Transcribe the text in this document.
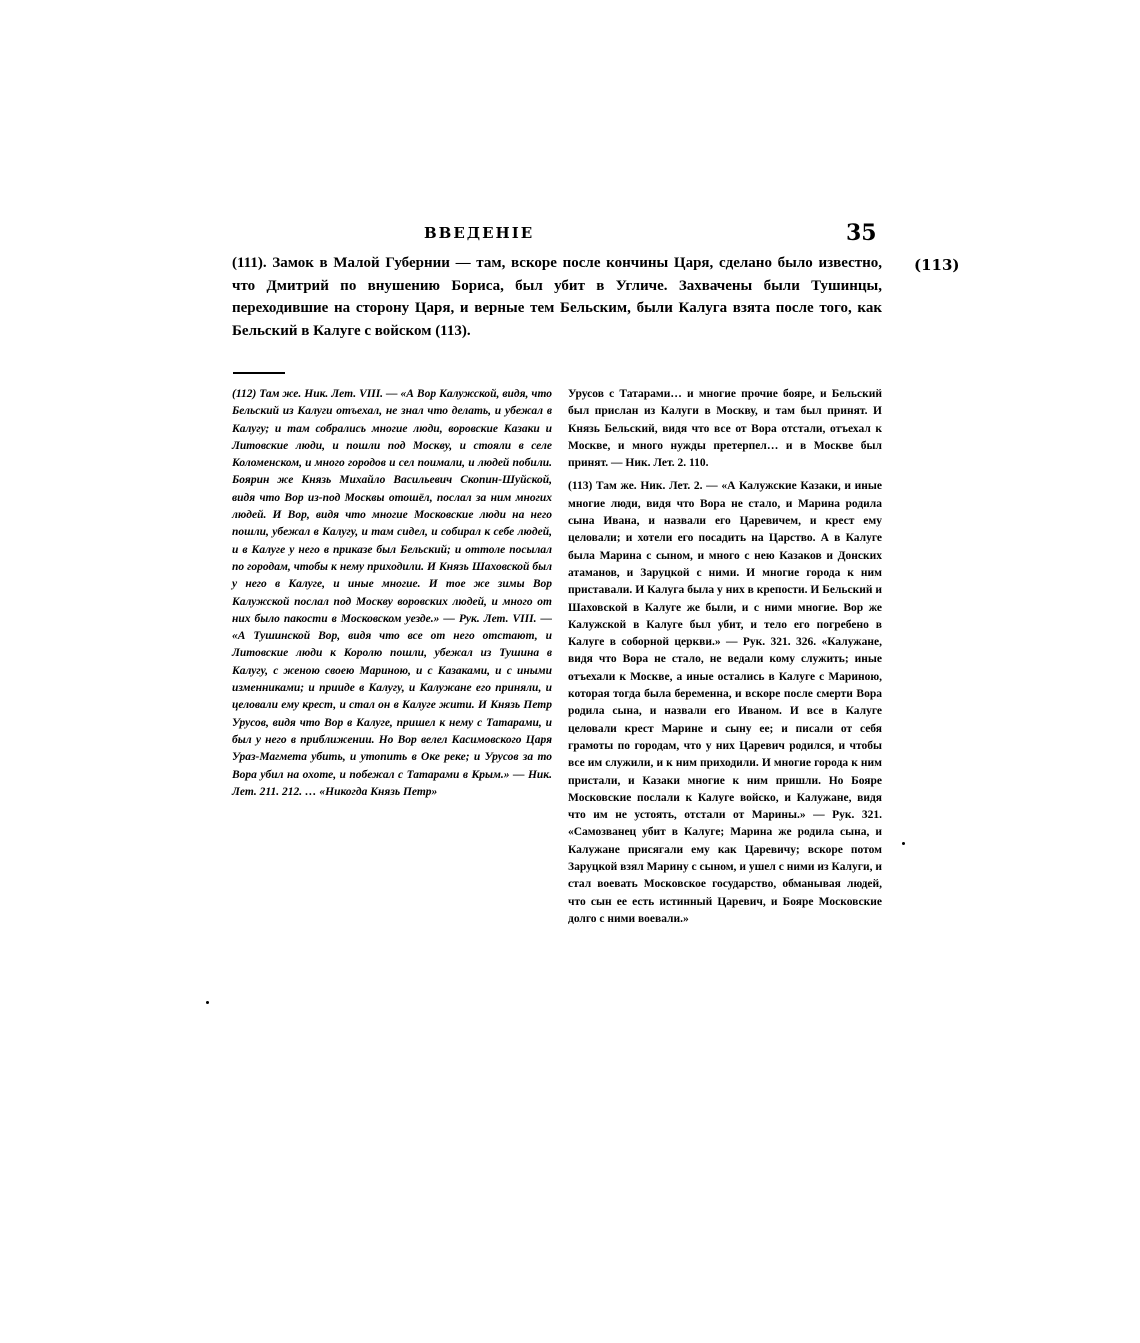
ВВЕДЕНІЕ	35
(111). Замок в Малой Губернии — там, вскоре после кончины Царя, сделано было известно, что Дмитрий по внушению Бориса, был убит в Угличе. Захвачены были Тушинцы, переходившие на сторону Царя, и верные тем Бельским, были Калуга взята после того, как Бельский в Калуге с войском (113).
(113)

(112) Там же. Ник. Лет. VIII. — «А Вор Калужской, видя, что Бельский из Калуги отъехал, не знал что делать, и убежал в Калугу; и там собрались многие люди, воровские Казаки и Литовские люди, и пошли под Москву, и стояли в селе Коломенском, и много городов и сел поимали, и людей побили. Боярин же Князь Михайло Васильевич Скопин-Шуйской, видя что Вор из-под Москвы отошёл, послал за ним многих людей. И Вор, видя что многие Московские люди на него пошли, убежал в Калугу, и там сидел, и собирал к себе людей, и в Калуге у него в приказе был Бельский; и оттоле посылал по городам, чтобы к нему приходили. И Князь Шаховской был у него в Калуге, и иные многие. И тое же зимы Вор Калужской послал под Москву воровских людей, и много от них было пакости в Московском уезде.» — Рук. Лет. VIII. — «А Тушинской Вор, видя что все от него отстают, и Литовские люди к Королю пошли, убежал из Тушина в Калугу, с женою своею Мариною, и с Казаками, и с иными изменниками; и прииде в Калугу, и Калужане его приняли, и целовали ему крест, и стал он в Калуге жити. И Князь Петр Урусов, видя что Вор в Калуге, пришел к нему с Татарами, и был у него в приближении. Но Вор велел Касимовского Царя Ураз-Магмета убить, и утопить в Оке реке; и Урусов за то Вора убил на охоте, и побежал с Татарами в Крым.» — Ник. Лет. 211. 212. … «Никогда Князь Петр»

Урусов с Татарами… и многие прочие бояре, и Бельский был прислан из Калуги в Москву, и там был принят. И Князь Бельский, видя что все от Вора отстали, отъехал к Москве, и много нужды претерпел… и в Москве был принят. — Ник. Лет. 2. 110.

(113) Там же. Ник. Лет. 2. — «А Калужские Казаки, и иные многие люди, видя что Вора не стало, и Марина родила сына Ивана, и назвали его Царевичем, и крест ему целовали; и хотели его посадить на Царство. А в Калуге была Марина с сыном, и много с нею Казаков и Донских атаманов, и Заруцкой с ними. И многие города к ним приставали. И Калуга была у них в крепости. И Бельский и Шаховской в Калуге же были, и с ними многие. Вор же Калужской в Калуге был убит, и тело его погребено в Калуге в соборной церкви.» — Рук. 321. 326. «Калужане, видя что Вора не стало, не ведали кому служить; иные отъехали к Москве, а иные остались в Калуге с Мариною, которая тогда была беременна, и вскоре после смерти Вора родила сына, и назвали его Иваном. И все в Калуге целовали крест Марине и сыну ее; и писали от себя грамоты по городам, что у них Царевич родился, и чтобы все им служили, и к ним приходили. И многие города к ним пристали, и Казаки многие к ним пришли. Но Бояре Московские послали к Калуге войско, и Калужане, видя что им не устоять, отстали от Марины.» — Рук. 321. «Самозванец убит в Калуге; Марина же родила сына, и Калужане присягали ему как Царевичу; вскоре потом Заруцкой взял Марину с сыном, и ушел с ними из Калуги, и стал воевать Московское государство, обманывая людей, что сын ее есть истинный Царевич, и Бояре Московские долго с ними воевали.»
